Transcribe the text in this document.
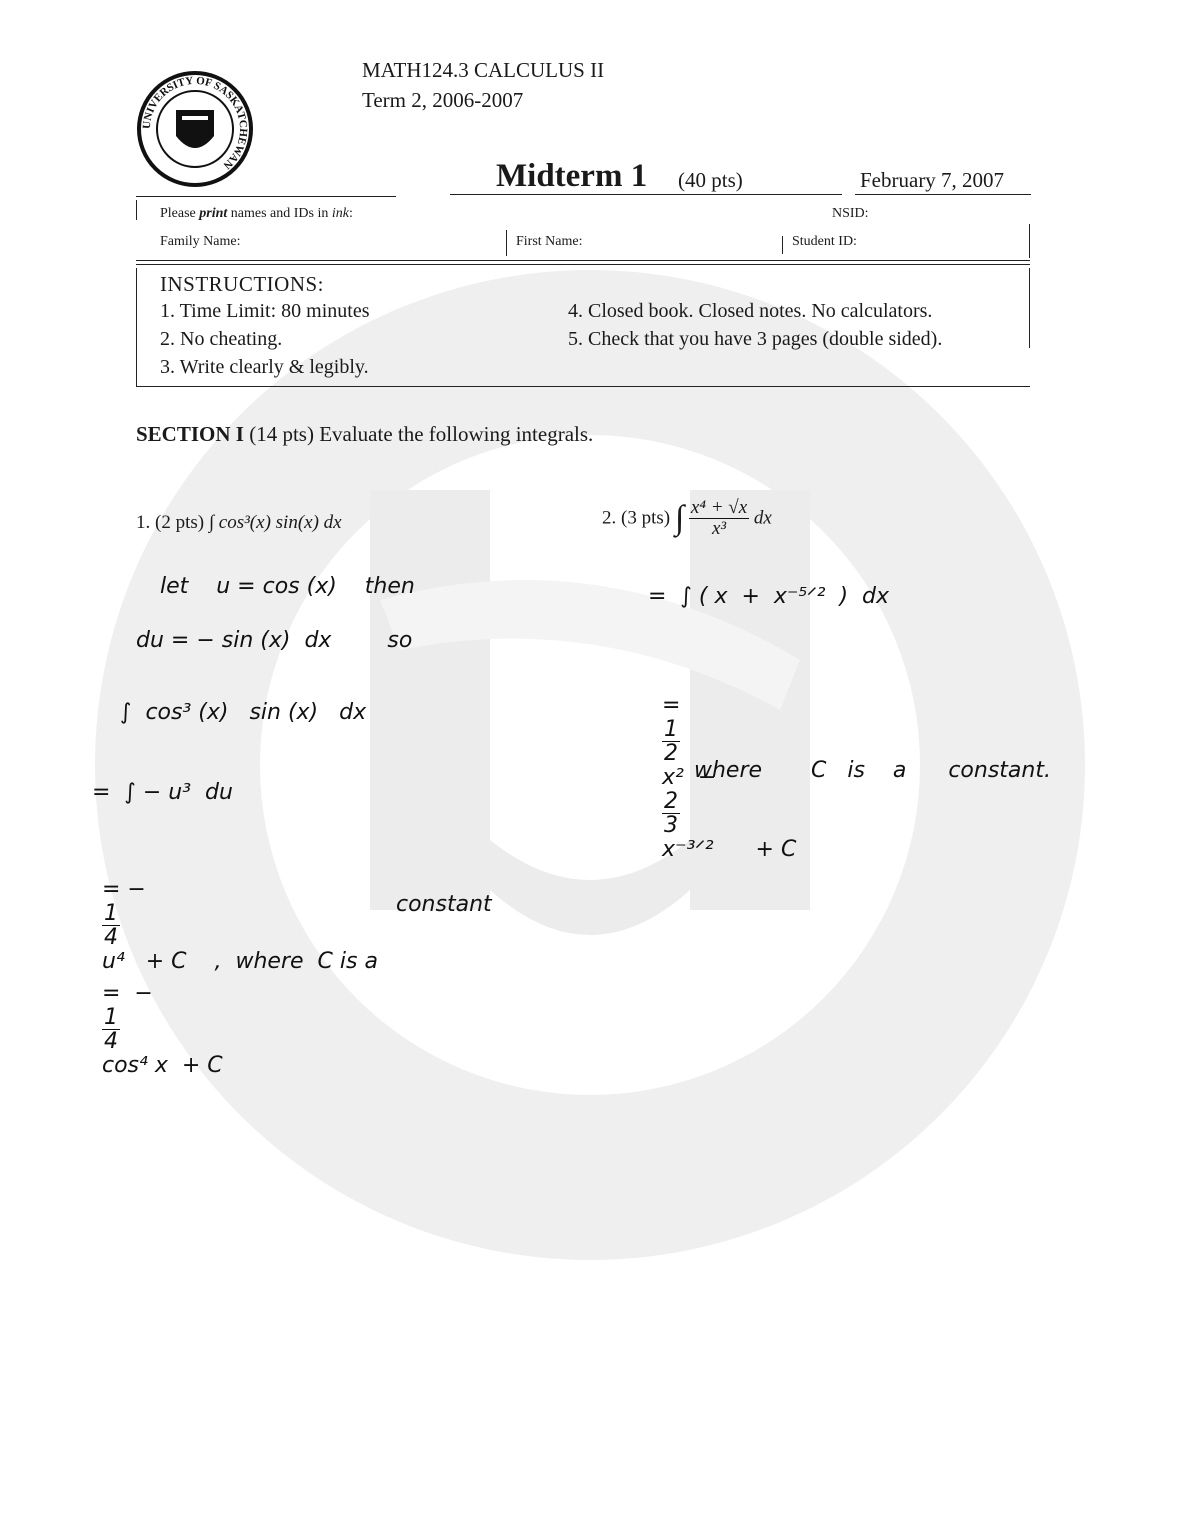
UNIVERSITY OF SASKATCHEWAN
MATH124.3 CALCULUS II
Term 2, 2006-2007
Midterm 1 (40 pts)	February 7, 2007
Please print names and IDs in ink:	NSID:
Family Name:	First Name:	Student ID:
INSTRUCTIONS:
1. Time Limit: 80 minutes
2. No cheating.
3. Write clearly & legibly.
4. Closed book. Closed notes. No calculators.
5. Check that you have 3 pages (double sided).
SECTION I (14 pts) Evaluate the following integrals.
1. (2 pts) ∫ cos³(x) sin(x) dx
let    u = cos (x)    then
du = − sin (x)  dx        so
∫  cos³ (x)   sin (x)   dx
=  ∫ − u³  du

= −

$\frac{1}{4}$

u⁴   + C    ,  where  C is a

constant

=  −

$\frac{1}{4}$

cos⁴ x  + C

2. (3 pts) ∫ $\frac{\text{x⁴ + √x}}{\text{x³}}$ dx
=  ∫ ( x  +  x⁻⁵ᐟ²  )  dx

=

$\frac{1}{2}$

x²  −

$\frac{2}{3}$

x⁻³ᐟ²      + C

where       C   is    a      constant.
